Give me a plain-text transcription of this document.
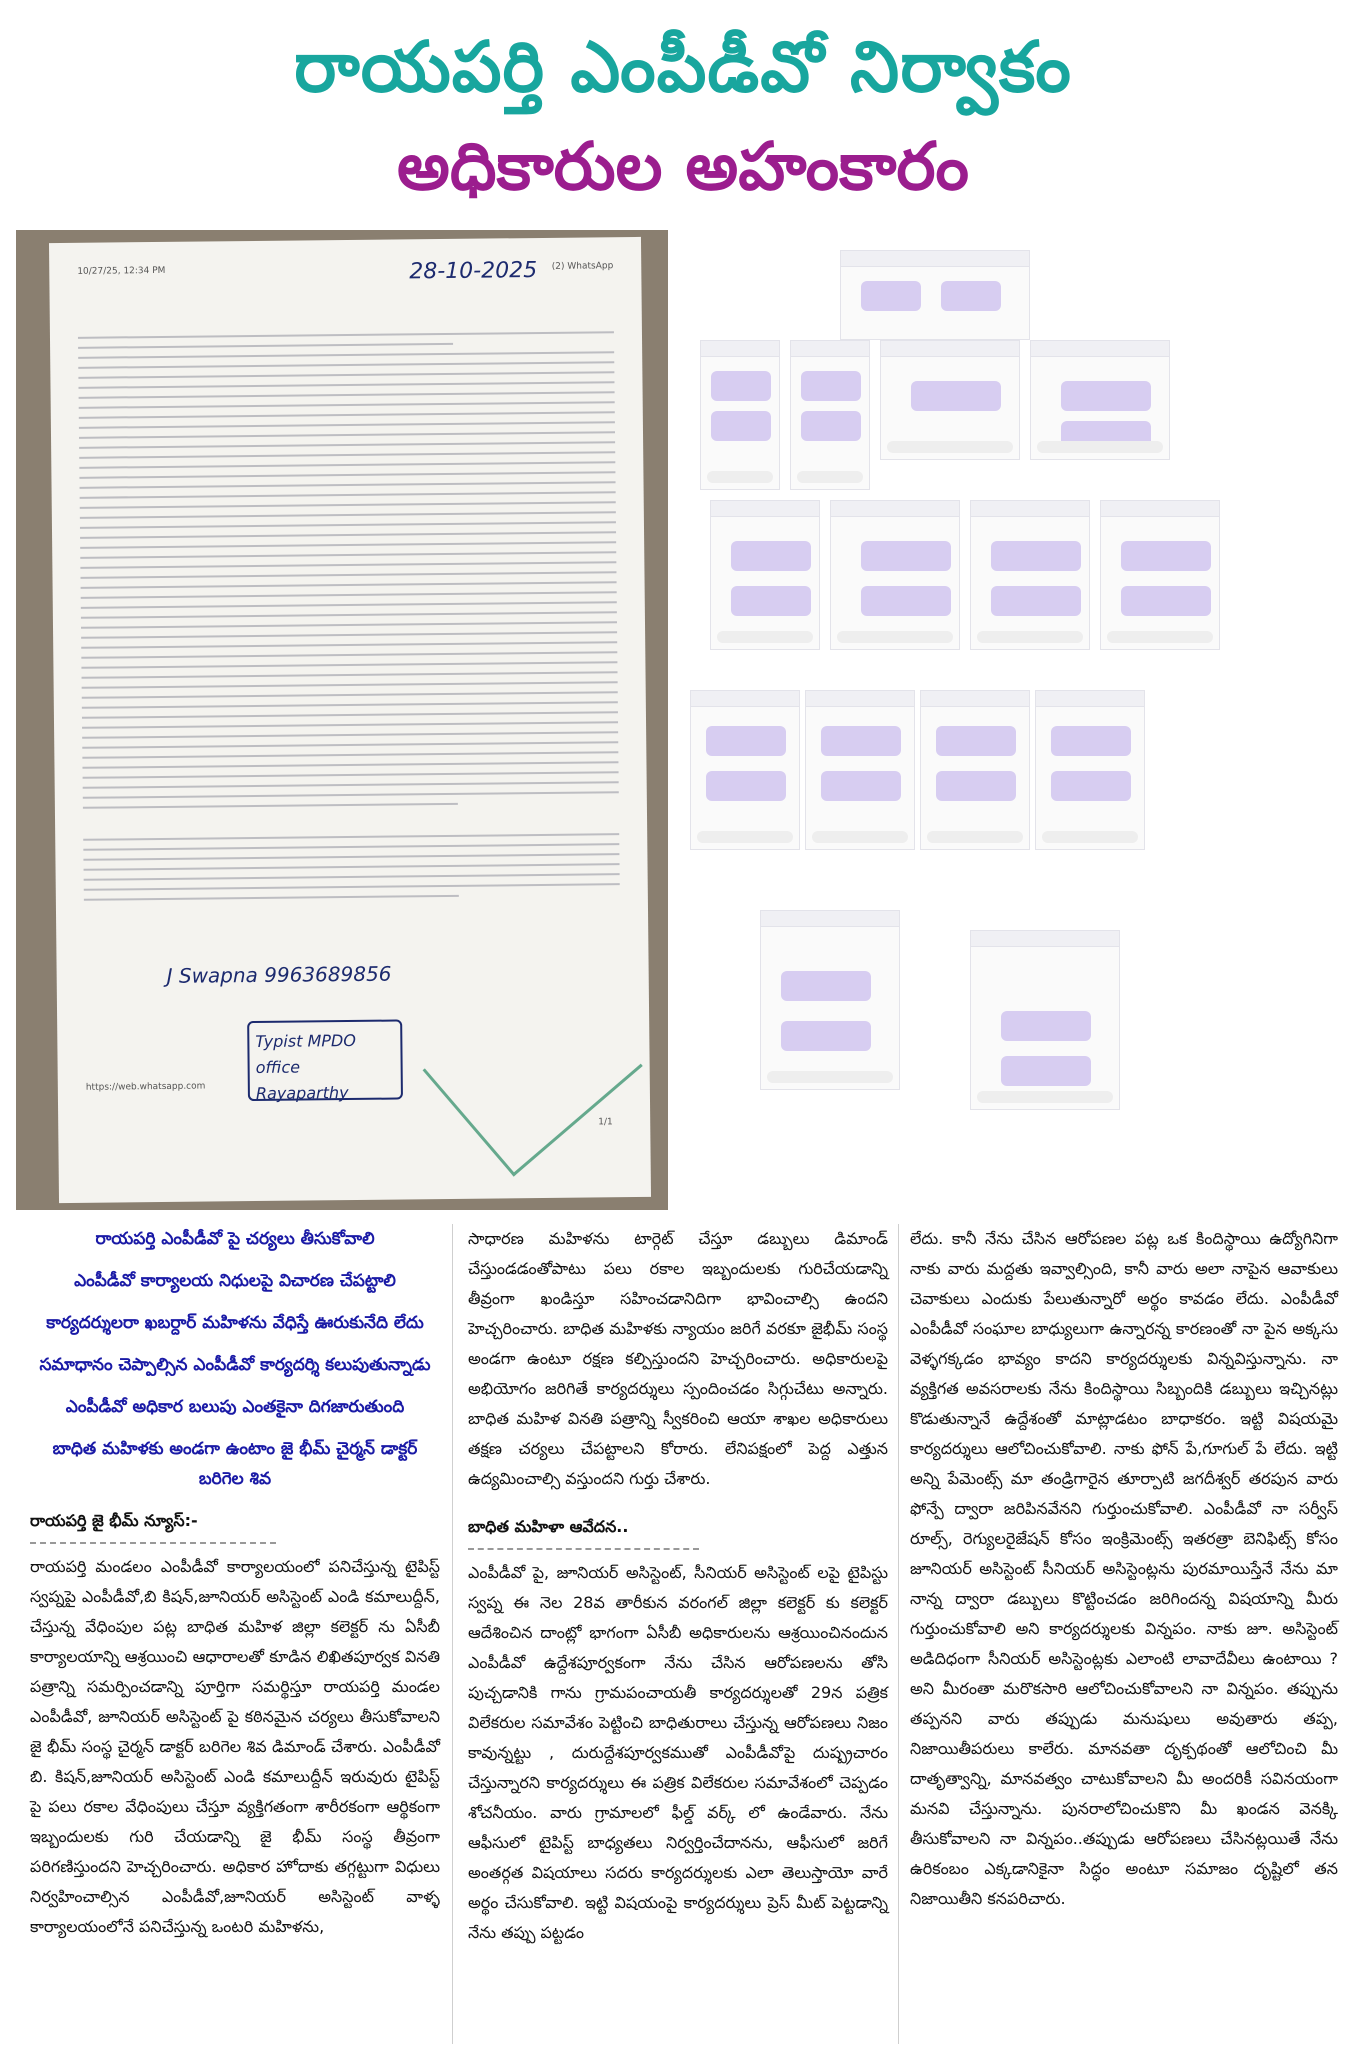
రాయపర్తి ఎంపీడీవో నిర్వాకం
అధికారుల అహంకారం
10/27/25, 12:34 PM	(2) WhatsApp
28-10-2025
J Swapna 9963689856
Typist MPDO office
Rayaparthy
https://web.whatsapp.com
1/1

రాయపర్తి ఎంపీడీవో పై చర్యలు తీసుకోవాలి

ఎంపీడీవో కార్యాలయ నిధులపై విచారణ చేపట్టాలి

కార్యదర్శులరా ఖబర్దార్ మహిళను వేధిస్తే ఊరుకునేది లేదు

సమాధానం చెప్పాల్సిన ఎంపీడీవో కార్యదర్శి కలుపుతున్నాడు

ఎంపీడీవో అధికార బలుపు ఎంతకైనా దిగజారుతుంది

బాధిత మహిళకు అండగా ఉంటాం జై భీమ్ చైర్మన్ డాక్టర్ బరిగెల శివ

రాయపర్తి జై భీమ్ న్యూస్:-
రాయపర్తి మండలం ఎంపీడీవో కార్యాలయంలో పనిచేస్తున్న టైపిస్ట్ స్వప్నపై ఎంపీడీవో,బి కిషన్,జూనియర్ అసిస్టెంట్ ఎండి కమాలుద్దీన్, చేస్తున్న వేధింపుల పట్ల బాధిత మహిళ జిల్లా కలెక్టర్ ను ఏసీబీ కార్యాలయాన్ని ఆశ్రయించి ఆధారాలతో కూడిన లిఖితపూర్వక వినతి పత్రాన్ని సమర్పించడాన్ని పూర్తిగా సమర్థిస్తూ రాయపర్తి మండల ఎంపీడీవో, జూనియర్ అసిస్టెంట్ పై కఠినమైన చర్యలు తీసుకోవాలని జై భీమ్ సంస్థ చైర్మన్ డాక్టర్ బరిగెల శివ డిమాండ్ చేశారు. ఎంపీడీవో బి. కిషన్,జూనియర్ అసిస్టెంట్ ఎండి కమాలుద్దీన్ ఇరువురు టైపిస్ట్ పై పలు రకాల వేధింపులు చేస్తూ వ్యక్తిగతంగా శారీరకంగా ఆర్థికంగా ఇబ్బందులకు గురి చేయడాన్ని జై భీమ్ సంస్థ తీవ్రంగా పరిగణిస్తుందని హెచ్చరించారు. అధికార హోదాకు తగ్గట్టుగా విధులు నిర్వహించాల్సిన ఎంపీడీవో,జూనియర్ అసిస్టెంట్ వాళ్ళ కార్యాలయంలోనే పనిచేస్తున్న ఒంటరి మహిళను,
సాధారణ మహిళను టార్గెట్ చేస్తూ డబ్బులు డిమాండ్ చేస్తుండడంతోపాటు పలు రకాల ఇబ్బందులకు గురిచేయడాన్ని తీవ్రంగా ఖండిస్తూ సహించడానిదిగా భావించాల్సి ఉందని హెచ్చరించారు. బాధిత మహిళకు న్యాయం జరిగే వరకూ జైభీమ్ సంస్థ అండగా ఉంటూ రక్షణ కల్పిస్తుందని హెచ్చరించారు. అధికారులపై అభియోగం జరిగితే కార్యదర్శులు స్పందించడం సిగ్గుచేటు అన్నారు. బాధిత మహిళ వినతి పత్రాన్ని స్వీకరించి ఆయా శాఖల అధికారులు తక్షణ చర్యలు చేపట్టాలని కోరారు. లేనిపక్షంలో పెద్ద ఎత్తున ఉద్యమించాల్సి వస్తుందని గుర్తు చేశారు.
బాధిత మహిళా ఆవేదన..
ఎంపీడీవో పై, జూనియర్ అసిస్టెంట్, సీనియర్ అసిస్టెంట్ లపై టైపిస్టు స్వప్న ఈ నెల 28వ తారీకున వరంగల్ జిల్లా కలెక్టర్ కు కలెక్టర్ ఆదేశించిన దాంట్లో భాగంగా ఏసీబీ అధికారులను ఆశ్రయించినందున ఎంపీడీవో ఉద్దేశపూర్వకంగా నేను చేసిన ఆరోపణలను తోసి పుచ్చడానికి గాను గ్రామపంచాయతీ కార్యదర్శులతో 29న పత్రిక విలేకరుల సమావేశం పెట్టించి బాధితురాలు చేస్తున్న ఆరోపణలు నిజం కావున్నట్టు , దురుద్దేశపూర్వకముతో ఎంపీడీవోపై దుష్ప్రచారం చేస్తున్నారని కార్యదర్శులు ఈ పత్రిక విలేకరుల సమావేశంలో చెప్పడం శోచనీయం. వారు గ్రామాలలో ఫీల్డ్ వర్క్ లో ఉండేవారు. నేను ఆఫీసులో టైపిస్ట్ బాధ్యతలు నిర్వర్తించేదానను, ఆఫీసులో జరిగే అంతర్గత విషయాలు సదరు కార్యదర్శులకు ఎలా తెలుస్తాయో వారే అర్థం చేసుకోవాలి. ఇట్టి విషయంపై కార్యదర్శులు ప్రెస్ మీట్ పెట్టడాన్ని నేను తప్పు పట్టడం
లేదు. కానీ నేను చేసిన ఆరోపణల పట్ల ఒక కిందిస్థాయి ఉద్యోగినిగా నాకు వారు మద్దతు ఇవ్వాల్సింది, కానీ వారు అలా నాపైన ఆవాకులు చెవాకులు ఎందుకు పేలుతున్నారో అర్థం కావడం లేదు. ఎంపీడీవో ఎంపీడీవో సంఘాల బాధ్యులుగా ఉన్నారన్న కారణంతో నా పైన అక్కసు వెళ్ళగక్కడం భావ్యం కాదని కార్యదర్శులకు విన్నవిస్తున్నాను. నా వ్యక్తిగత అవసరాలకు నేను కిందిస్థాయి సిబ్బందికి డబ్బులు ఇచ్చినట్లు కొడుతున్నానే ఉద్దేశంతో మాట్లాడటం బాధాకరం. ఇట్టి విషయమై కార్యదర్శులు ఆలోచించుకోవాలి. నాకు ఫోన్ పే,గూగుల్ పే లేదు. ఇట్టి అన్ని పేమెంట్స్ మా తండ్రిగారైన తూర్పాటి జగదీశ్వర్ తరపున వారు ఫోన్పే ద్వారా జరిపినవేనని గుర్తుంచుకోవాలి. ఎంపీడీవో నా సర్వీస్ రూల్స్, రెగ్యులరైజేషన్ కోసం ఇంక్రిమెంట్స్ ఇతరత్రా బెనిఫిట్స్ కోసం జూనియర్ అసిస్టెంట్ సీనియర్ అసిస్టెంట్లను పురమాయిస్తేనే నేను మా నాన్న ద్వారా డబ్బులు కొట్టించడం జరిగిందన్న విషయాన్ని మీరు గుర్తుంచుకోవాలి అని కార్యదర్శులకు విన్నపం. నాకు జూ. అసిస్టెంట్ అడిదిధంగా సీనియర్ అసిస్టెంట్లకు ఎలాంటి లావాదేవీలు ఉంటాయి ? అని మీరంతా మరొకసారి ఆలోచించుకోవాలని నా విన్నపం. తప్పును తప్పనని వారు తప్పుడు మనుషులు అవుతారు తప్ప, నిజాయితీపరులు కాలేరు. మానవతా దృక్పథంతో ఆలోచించి మీ దాతృత్వాన్ని, మానవత్వం చాటుకోవాలని మీ అందరికీ సవినయంగా మనవి చేస్తున్నాను. పునరాలోచించుకొని మీ ఖండన వెనక్కి తీసుకోవాలని నా విన్నపం..తప్పుడు ఆరోపణలు చేసినట్లయితే నేను ఉరికంబం ఎక్కడానికైనా సిద్ధం అంటూ సమాజం దృష్టిలో తన నిజాయితీని కనపరిచారు.
